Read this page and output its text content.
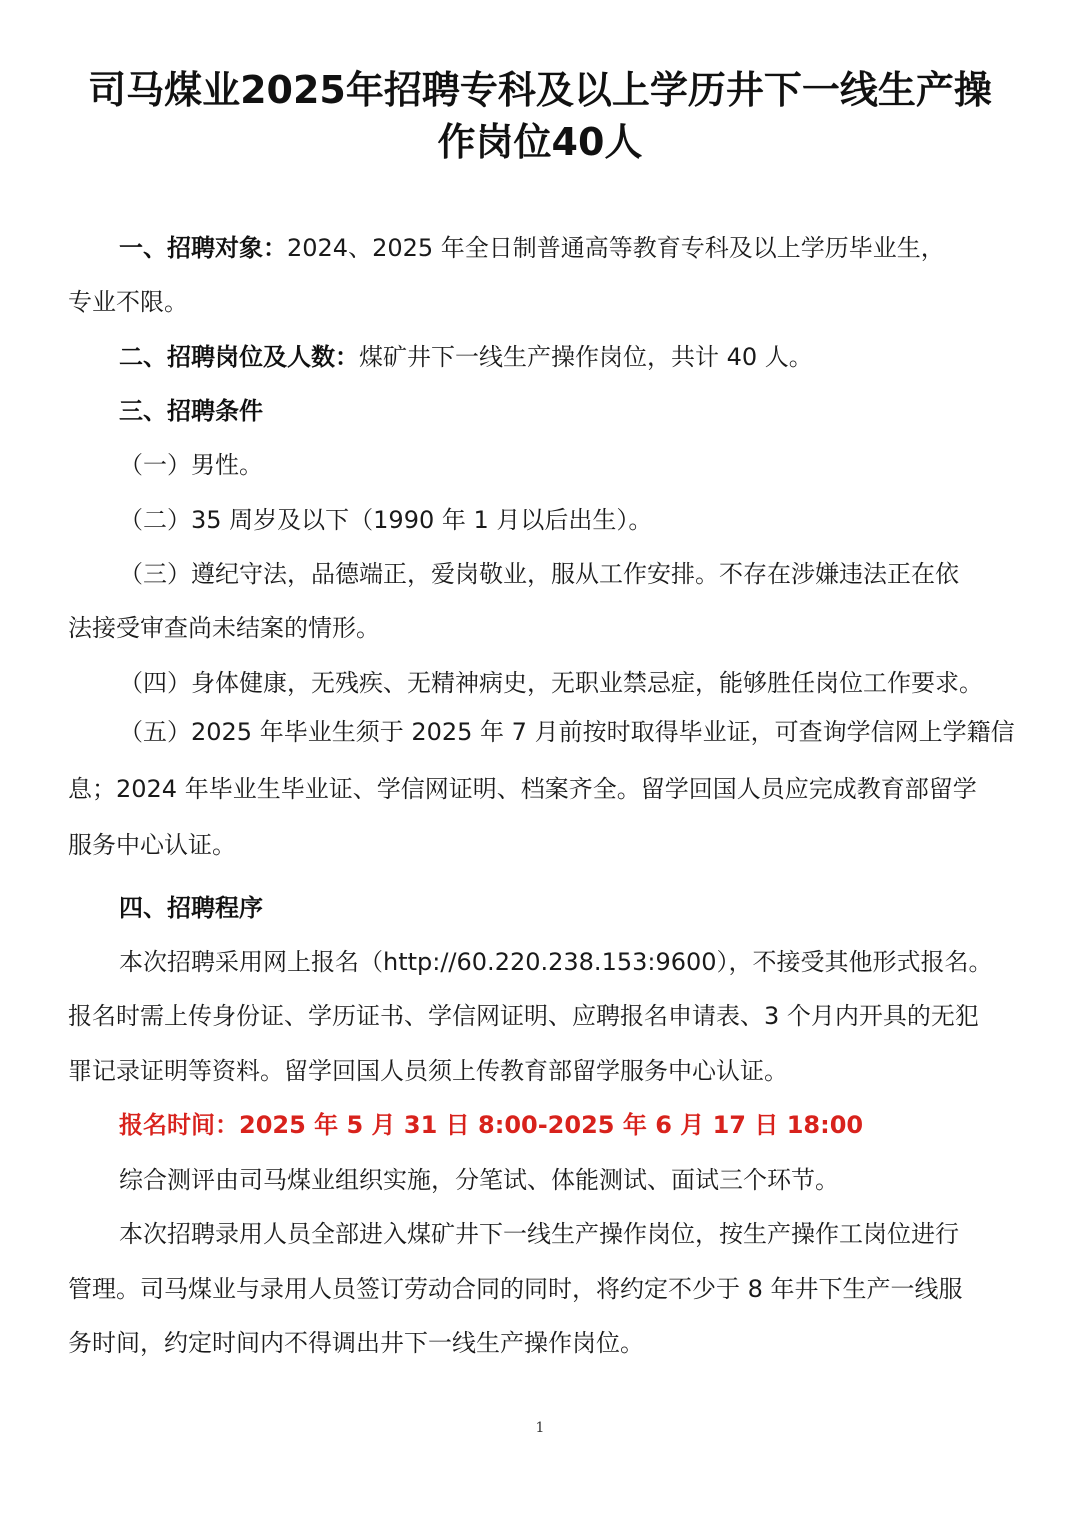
司马煤业2025年招聘专科及以上学历井下一线生产操
作岗位40人
一、招聘对象：2024、2025 年全日制普通高等教育专科及以上学历毕业生，
专业不限。
二、招聘岗位及人数：煤矿井下一线生产操作岗位，共计 40 人。
三、招聘条件
（一）男性。
（二）35 周岁及以下（1990 年 1 月以后出生）。
（三）遵纪守法，品德端正，爱岗敬业，服从工作安排。不存在涉嫌违法正在依
法接受审查尚未结案的情形。
（四）身体健康，无残疾、无精神病史，无职业禁忌症，能够胜任岗位工作要求。
（五）2025 年毕业生须于 2025 年 7 月前按时取得毕业证，可查询学信网上学籍信
息；2024 年毕业生毕业证、学信网证明、档案齐全。留学回国人员应完成教育部留学
服务中心认证。
四、招聘程序
本次招聘采用网上报名（http://60.220.238.153:9600），不接受其他形式报名。
报名时需上传身份证、学历证书、学信网证明、应聘报名申请表、3 个月内开具的无犯
罪记录证明等资料。留学回国人员须上传教育部留学服务中心认证。
报名时间：2025 年 5 月 31 日 8:00-2025 年 6 月 17 日 18:00
综合测评由司马煤业组织实施，分笔试、体能测试、面试三个环节。
本次招聘录用人员全部进入煤矿井下一线生产操作岗位，按生产操作工岗位进行
管理。司马煤业与录用人员签订劳动合同的同时，将约定不少于 8 年井下生产一线服
务时间，约定时间内不得调出井下一线生产操作岗位。
1
